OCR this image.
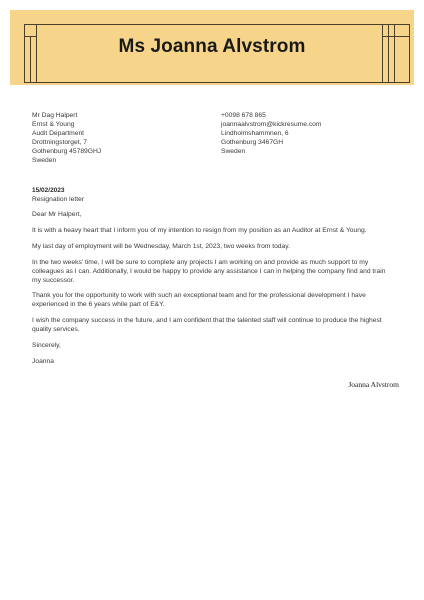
Ms Joanna Alvstrom
Mr Dag Halpert
Ernst & Young
Audit Department
Drottningstorget, 7
Gothenburg 45789GHJ
Sweden
+0098 678 865
joannaalvstrom@kickresume.com
Lindholmshammnen, 6
Gothenburg 3467GH
Sweden
15/02/2023
Resignation letter

Dear Mr Halpert,

It is with a heavy heart that I inform you of my intention to resign from my position as an Auditor at Ernst & Young.

My last day of employment will be Wednesday, March 1st, 2023, two weeks from today.

In the two weeks' time, I will be sure to complete any projects I am working on and provide as much support to my colleagues as I can. Additionally, I would be happy to provide any assistance I can in helping the company find and train my successor.

Thank you for the opportunity to work with such an exceptional team and for the professional development I have experienced in the 6 years while part of E&Y.

I wish the company success in the future, and I am confident that the talented staff will continue to produce the highest quality services.

Sincerely,

Joanna

Joanna Alvstrom
